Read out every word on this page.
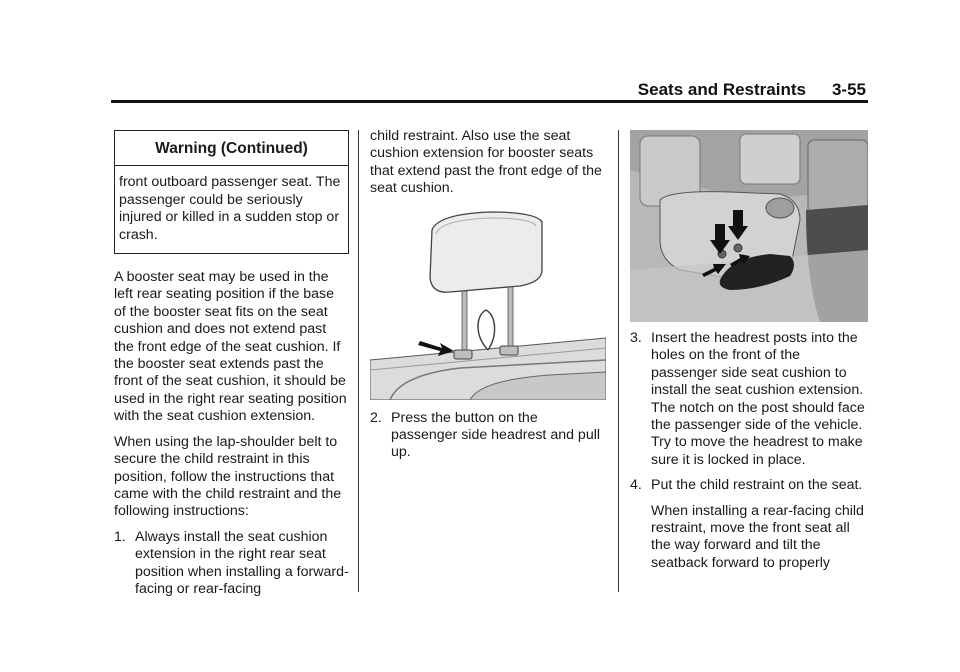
Seats and Restraints 3-55
Warning (Continued)
front outboard passenger seat. The passenger could be seriously injured or killed in a sudden stop or crash.

A booster seat may be used in the left rear seating position if the base of the booster seat fits on the seat cushion and does not extend past the front edge of the seat cushion. If the booster seat extends past the front of the seat cushion, it should be used in the right rear seating position with the seat cushion extension.

When using the lap-shoulder belt to secure the child restraint in this position, follow the instructions that came with the child restraint and the following instructions:

1. Always install the seat cushion extension in the right rear seat position when installing a forward-facing or rear-facing

child restraint. Also use the seat cushion extension for booster seats that extend past the front edge of the seat cushion.

2. Press the button on the passenger side headrest and pull up.
3. Insert the headrest posts into the holes on the front of the passenger side seat cushion to install the seat cushion extension. The notch on the post should face the passenger side of the vehicle. Try to move the headrest to make sure it is locked in place.
4. Put the child restraint on the seat.

When installing a rear-facing child restraint, move the front seat all the way forward and tilt the seatback forward to properly
